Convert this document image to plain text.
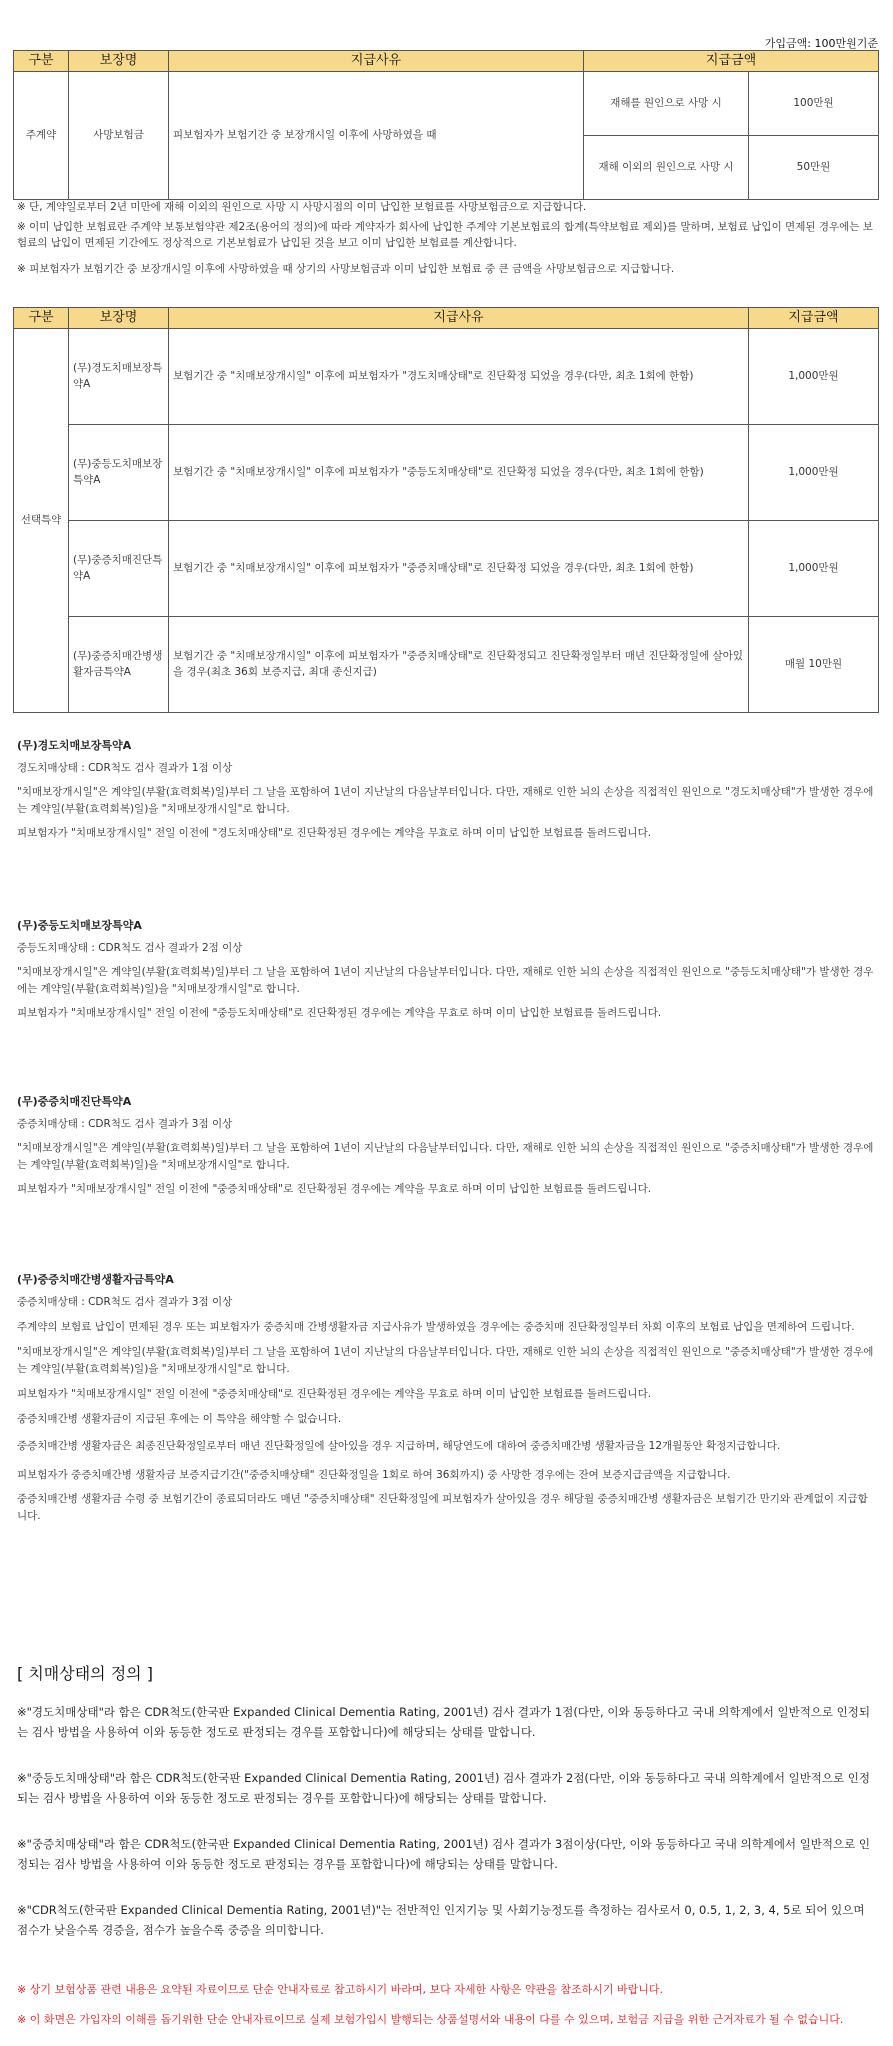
가입금액: 100만원기준
구분	보장명	지급사유	지급금액	
주계약	사망보험금	피보험자가 보험기간 중 보장개시일 이후에 사망하였을 때	재해를 원인으로 사망 시	100만원
			재해 이외의 원인으로 사망 시	50만원
※ 단, 계약일로부터 2년 미만에 재해 이외의 원인으로 사망 시 사망시점의 이미 납입한 보험료를 사망보험금으로 지급합니다.
※ 이미 납입한 보험료란 주계약 보통보험약관 제2조(용어의 정의)에 따라 계약자가 회사에 납입한 주계약 기본보험료의 합계(특약보험료 제외)를 말하며, 보험료 납입이 면제된 경우에는 보험료의 납입이 면제된 기간에도 정상적으로 기본보험료가 납입된 것을 보고 이미 납입한 보험료를 계산합니다.
※ 피보험자가 보험기간 중 보장개시일 이후에 사망하였을 때 상기의 사망보험금과 이미 납입한 보험료 중 큰 금액을 사망보험금으로 지급합니다.
구분	보장명	지급사유	지급금액
선택특약	(무)경도치매보장특약A	보험기간 중 "치매보장개시일" 이후에 피보험자가 "경도치매상태"로 진단확정 되었을 경우(다만, 최초 1회에 한함)	1,000만원
	(무)중등도치매보장특약A	보험기간 중 "치매보장개시일" 이후에 피보험자가 "중등도치매상태"로 진단확정 되었을 경우(다만, 최초 1회에 한함)	1,000만원
	(무)중증치매진단특약A	보험기간 중 "치매보장개시일" 이후에 피보험자가 "중증치매상태"로 진단확정 되었을 경우(다만, 최초 1회에 한함)	1,000만원
	(무)중증치매간병생활자금특약A	보험기간 중 "치매보장개시일" 이후에 피보험자가 "중증치매상태"로 진단확정되고 진단확정일부터 매년 진단확정일에 살아있을 경우(최초 36회 보증지급, 최대 종신지급)	매월 10만원
(무)경도치매보장특약A

경도치매상태 : CDR척도 검사 결과가 1점 이상

"치매보장개시일"은 계약일(부활(효력회복)일)부터 그 날을 포함하여 1년이 지난날의 다음날부터입니다. 다만, 재해로 인한 뇌의 손상을 직접적인 원인으로 "경도치매상태"가 발생한 경우에는 계약일(부활(효력회복)일)을 "치매보장개시일"로 합니다.

피보험자가 "치매보장개시일" 전일 이전에 "경도치매상태"로 진단확정된 경우에는 계약을 무효로 하며 이미 납입한 보험료를 돌려드립니다.

(무)중등도치매보장특약A

중등도치매상태 : CDR척도 검사 결과가 2점 이상

"치매보장개시일"은 계약일(부활(효력회복)일)부터 그 날을 포함하여 1년이 지난날의 다음날부터입니다. 다만, 재해로 인한 뇌의 손상을 직접적인 원인으로 "중등도치매상태"가 발생한 경우에는 계약일(부활(효력회복)일)을 "치매보장개시일"로 합니다.

피보험자가 "치매보장개시일" 전일 이전에 "중등도치매상태"로 진단확정된 경우에는 계약을 무효로 하며 이미 납입한 보험료를 돌려드립니다.

(무)중증치매진단특약A

중증치매상태 : CDR척도 검사 결과가 3점 이상

"치매보장개시일"은 계약일(부활(효력회복)일)부터 그 날을 포함하여 1년이 지난날의 다음날부터입니다. 다만, 재해로 인한 뇌의 손상을 직접적인 원인으로 "중증치매상태"가 발생한 경우에는 계약일(부활(효력회복)일)을 "치매보장개시일"로 합니다.

피보험자가 "치매보장개시일" 전일 이전에 "중증치매상태"로 진단확정된 경우에는 계약을 무효로 하며 이미 납입한 보험료를 돌려드립니다.

(무)중증치매간병생활자금특약A

중증치매상태 : CDR척도 검사 결과가 3점 이상

주계약의 보험료 납입이 면제된 경우 또는 피보험자가 중증치매 간병생활자금 지급사유가 발생하였을 경우에는 중증치매 진단확정일부터 차회 이후의 보험료 납입을 면제하여 드립니다.

"치매보장개시일"은 계약일(부활(효력회복)일)부터 그 날을 포함하여 1년이 지난날의 다음날부터입니다. 다만, 재해로 인한 뇌의 손상을 직접적인 원인으로 "중증치매상태"가 발생한 경우에는 계약일(부활(효력회복)일)을 "치매보장개시일"로 합니다.

피보험자가 "치매보장개시일" 전일 이전에 "중증치매상태"로 진단확정된 경우에는 계약을 무효로 하며 이미 납입한 보험료를 돌려드립니다.

중증치매간병 생활자금이 지급된 후에는 이 특약을 해약할 수 없습니다.

중증치매간병 생활자금은 최종진단확정일로부터 매년 진단확정일에 살아있을 경우 지급하며, 해당연도에 대하여 중증치매간병 생활자금을 12개월동안 확정지급합니다.

피보험자가 중증치매간병 생활자금 보증지급기간("중증치매상태" 진단확정일을 1회로 하여 36회까지) 중 사망한 경우에는 잔여 보증지급금액을 지급합니다.

중증치매간병 생활자금 수령 중 보험기간이 종료되더라도 매년 "중증치매상태" 진단확정일에 피보험자가 살아있을 경우 해당월 중증치매간병 생활자금은 보험기간 만기와 관계없이 지급합니다.

[ 치매상태의 정의 ]
※"경도치매상태"라 함은 CDR척도(한국판 Expanded Clinical Dementia Rating, 2001년) 검사 결과가 1점(다만, 이와 동등하다고 국내 의학계에서 일반적으로 인정되는 검사 방법을 사용하여 이와 동등한 정도로 판정되는 경우를 포함합니다)에 해당되는 상태를 말합니다.
※"중등도치매상태"라 함은 CDR척도(한국판 Expanded Clinical Dementia Rating, 2001년) 검사 결과가 2점(다만, 이와 동등하다고 국내 의학계에서 일반적으로 인정되는 검사 방법을 사용하여 이와 동등한 정도로 판정되는 경우를 포함합니다)에 해당되는 상태를 말합니다.
※"중증치매상태"라 함은 CDR척도(한국판 Expanded Clinical Dementia Rating, 2001년) 검사 결과가 3점이상(다만, 이와 동등하다고 국내 의학계에서 일반적으로 인정되는 검사 방법을 사용하여 이와 동등한 정도로 판정되는 경우를 포함합니다)에 해당되는 상태를 말합니다.
※"CDR척도(한국판 Expanded Clinical Dementia Rating, 2001년)"는 전반적인 인지기능 및 사회기능정도를 측정하는 검사로서 0, 0.5, 1, 2, 3, 4, 5로 되어 있으며 점수가 낮을수록 경증을, 점수가 높을수록 중증을 의미합니다.
※ 상기 보험상품 관련 내용은 요약된 자료이므로 단순 안내자료로 참고하시기 바라며, 보다 자세한 사항은 약관을 참조하시기 바랍니다.
※ 이 화면은 가입자의 이해를 돕기위한 단순 안내자료이므로 실제 보험가입시 발행되는 상품설명서와 내용이 다를 수 있으며, 보험금 지급을 위한 근거자료가 될 수 없습니다.
